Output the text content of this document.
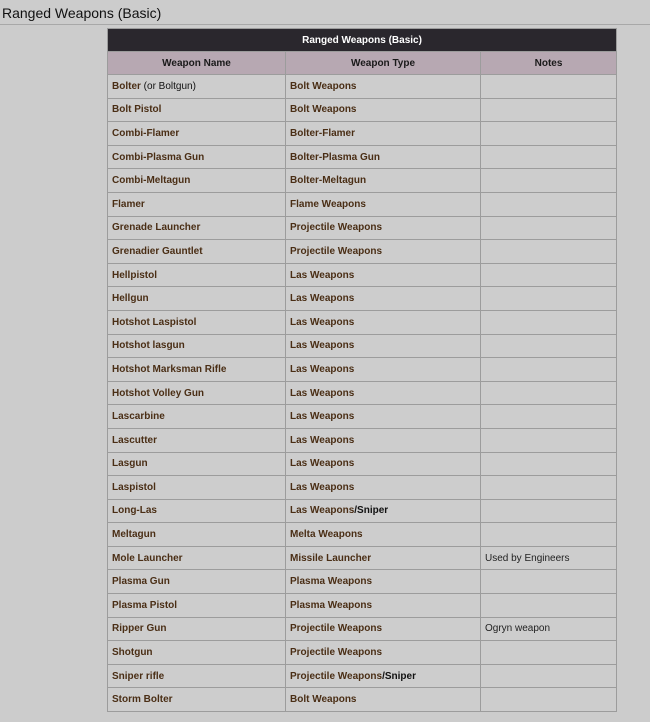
Ranged Weapons (Basic)
Ranged Weapons (Basic)		
Weapon Name	Weapon Type	Notes
Bolter (or Boltgun)	Bolt Weapons	
Bolt Pistol	Bolt Weapons	
Combi-Flamer	Bolter-Flamer	
Combi-Plasma Gun	Bolter-Plasma Gun	
Combi-Meltagun	Bolter-Meltagun	
Flamer	Flame Weapons	
Grenade Launcher	Projectile Weapons	
Grenadier Gauntlet	Projectile Weapons	
Hellpistol	Las Weapons	
Hellgun	Las Weapons	
Hotshot Laspistol	Las Weapons	
Hotshot lasgun	Las Weapons	
Hotshot Marksman Rifle	Las Weapons	
Hotshot Volley Gun	Las Weapons	
Lascarbine	Las Weapons	
Lascutter	Las Weapons	
Lasgun	Las Weapons	
Laspistol	Las Weapons	
Long-Las	Las Weapons/Sniper	
Meltagun	Melta Weapons	
Mole Launcher	Missile Launcher	Used by Engineers
Plasma Gun	Plasma Weapons	
Plasma Pistol	Plasma Weapons	
Ripper Gun	Projectile Weapons	Ogryn weapon
Shotgun	Projectile Weapons	
Sniper rifle	Projectile Weapons/Sniper	
Storm Bolter	Bolt Weapons	
